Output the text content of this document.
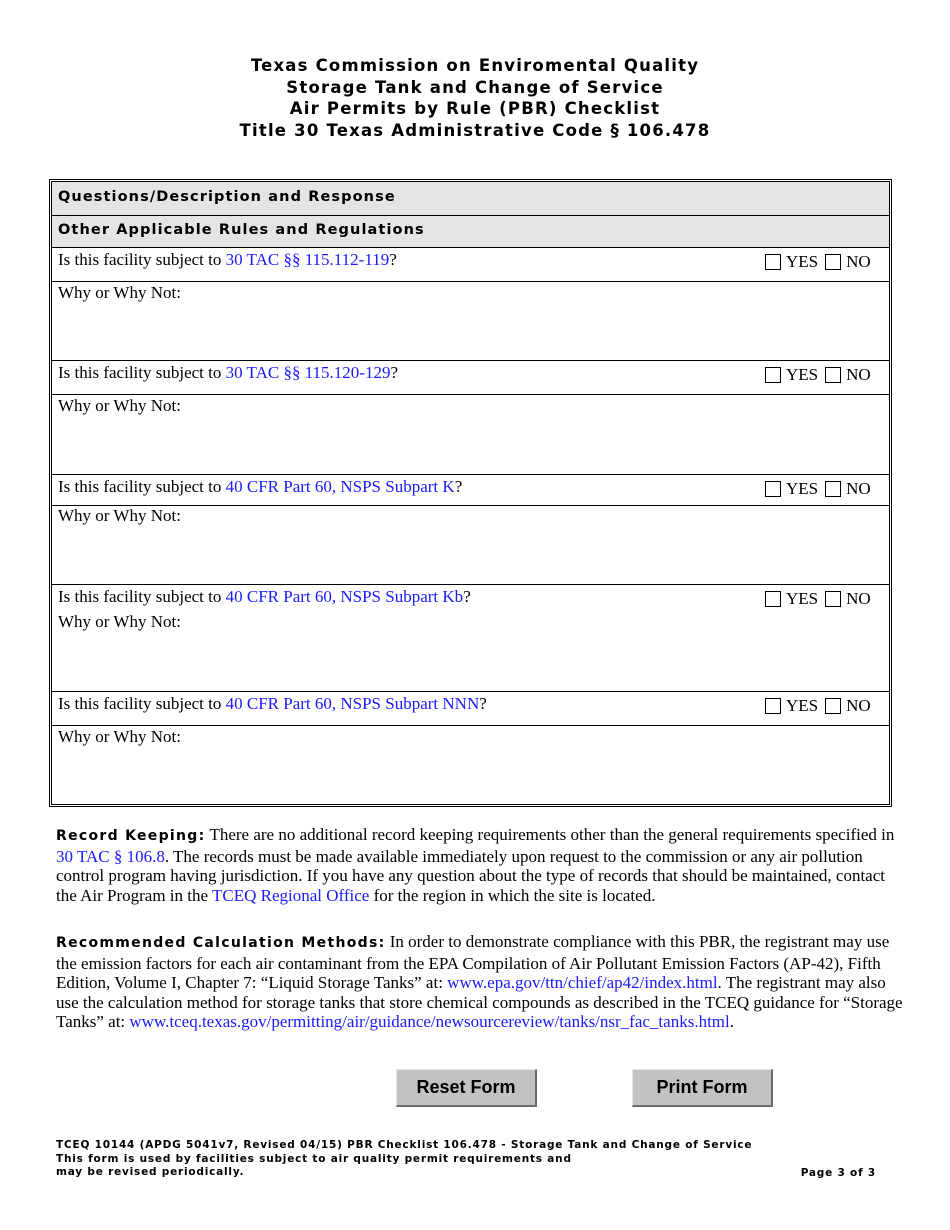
Texas Commission on Enviromental Quality
Storage Tank and Change of Service
Air Permits by Rule (PBR) Checklist
Title 30 Texas Administrative Code § 106.478
Questions/Description and Response
Other Applicable Rules and Regulations
Is this facility subject to 30 TAC §§ 115.112-119?	YES NO
Why or Why Not:
Is this facility subject to 30 TAC §§ 115.120-129?	YES NO
Why or Why Not:
Is this facility subject to 40 CFR Part 60, NSPS Subpart K?	YES NO
Why or Why Not:
Is this facility subject to 40 CFR Part 60, NSPS Subpart Kb?	YES NO
Why or Why Not:
Is this facility subject to 40 CFR Part 60, NSPS Subpart NNN?	YES NO
Why or Why Not:
Record Keeping: There are no additional record keeping requirements other than the general requirements specified in 30 TAC § 106.8. The records must be made available immediately upon request to the commission or any air pollution control program having jurisdiction. If you have any question about the type of records that should be maintained, contact the Air Program in the TCEQ Regional Office for the region in which the site is located.
Recommended Calculation Methods: In order to demonstrate compliance with this PBR, the registrant may use the emission factors for each air contaminant from the EPA Compilation of Air Pollutant Emission Factors (AP-42), Fifth Edition, Volume I, Chapter 7: “Liquid Storage Tanks” at: www.epa.gov/ttn/chief/ap42/index.html. The registrant may also use the calculation method for storage tanks that store chemical compounds as described in the TCEQ guidance for “Storage Tanks” at: www.tceq.texas.gov/permitting/air/guidance/newsourcereview/tanks/nsr_fac_tanks.html.
Reset Form	Print Form
TCEQ 10144 (APDG 5041v7, Revised 04/15) PBR Checklist 106.478 - Storage Tank and Change of Service
This form is used by facilities subject to air quality permit requirements and
may be revised periodically.	Page 3 of 3
